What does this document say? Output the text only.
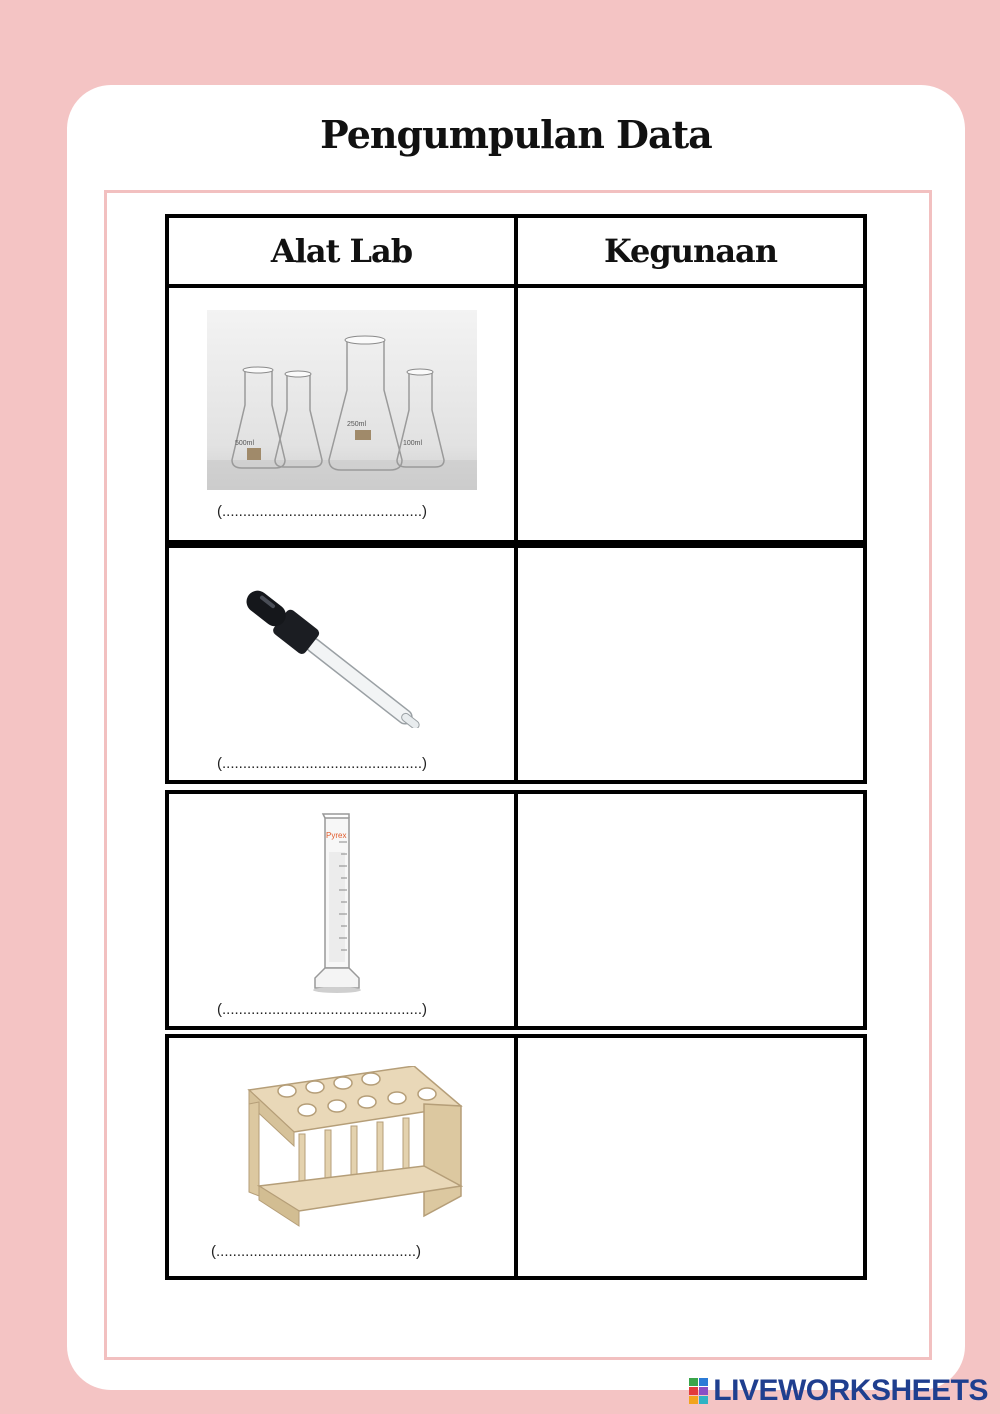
Pengumpulan Data
Alat Lab	Kegunaan
500ml
250ml
100ml
(................................................)
(................................................)
Pyrex
(................................................)
(................................................)
LIVEWORKSHEETS
